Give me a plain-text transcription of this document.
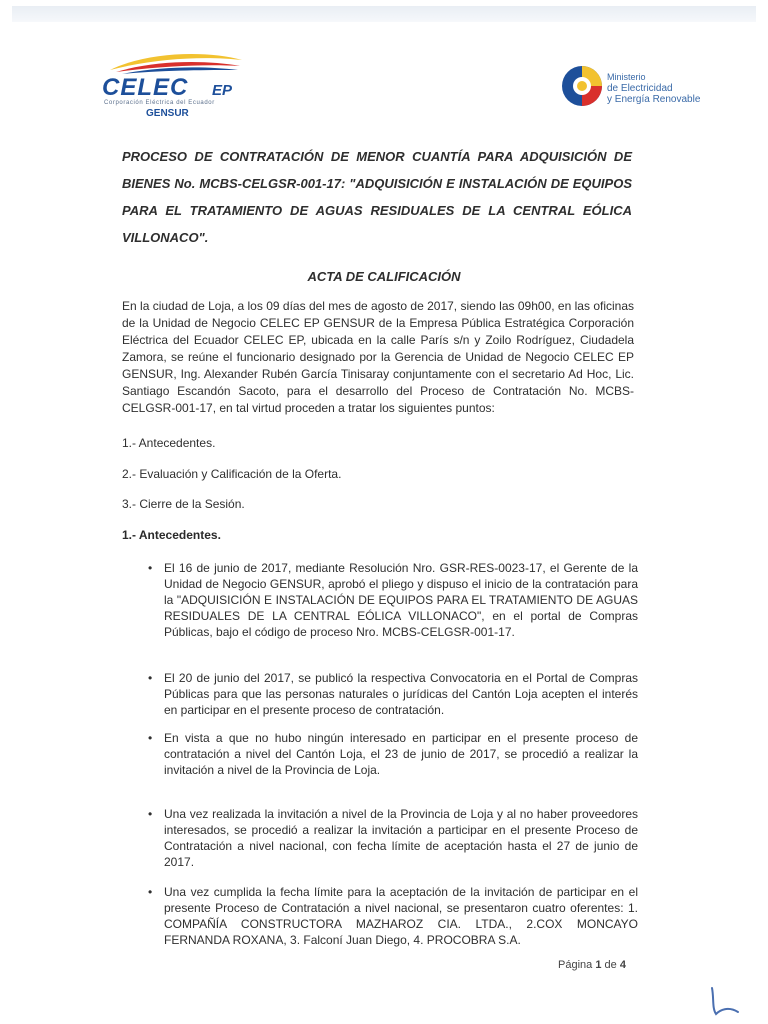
CELEC EP
Corporación Eléctrica del Ecuador
GENSUR
Ministerio
de Electricidad
y Energía Renovable
PROCESO DE CONTRATACIÓN DE MENOR CUANTÍA PARA ADQUISICIÓN DE BIENES No. MCBS-CELGSR-001-17: "ADQUISICIÓN E INSTALACIÓN DE EQUIPOS PARA EL TRATAMIENTO DE AGUAS RESIDUALES DE LA CENTRAL EÓLICA VILLONACO".
ACTA DE CALIFICACIÓN
En la ciudad de Loja, a los 09 días del mes de agosto de 2017, siendo las 09h00, en las oficinas de la Unidad de Negocio CELEC EP GENSUR de la Empresa Pública Estratégica Corporación Eléctrica del Ecuador CELEC EP, ubicada en la calle París s/n y Zoilo Rodríguez, Ciudadela Zamora, se reúne el funcionario designado por la Gerencia de Unidad de Negocio CELEC EP GENSUR, Ing. Alexander Rubén García Tinisaray conjuntamente con el secretario Ad Hoc, Lic. Santiago Escandón Sacoto, para el desarrollo del Proceso de Contratación No. MCBS-CELGSR-001-17, en tal virtud proceden a tratar los siguientes puntos:
1.- Antecedentes.
2.- Evaluación y Calificación de la Oferta.
3.- Cierre de la Sesión.
1.- Antecedentes.
• El 16 de junio de 2017, mediante Resolución Nro. GSR-RES-0023-17, el Gerente de la Unidad de Negocio GENSUR, aprobó el pliego y dispuso el inicio de la contratación para la "ADQUISICIÓN E INSTALACIÓN DE EQUIPOS PARA EL TRATAMIENTO DE AGUAS RESIDUALES DE LA CENTRAL EÓLICA VILLONACO", en el portal de Compras Públicas, bajo el código de proceso Nro. MCBS-CELGSR-001-17.
• El 20 de junio del 2017, se publicó la respectiva Convocatoria en el Portal de Compras Públicas para que las personas naturales o jurídicas del Cantón Loja acepten el interés en participar en el presente proceso de contratación.
• En vista a que no hubo ningún interesado en participar en el presente proceso de contratación a nivel del Cantón Loja, el 23 de junio de 2017, se procedió a realizar la invitación a nivel de la Provincia de Loja.
• Una vez realizada la invitación a nivel de la Provincia de Loja y al no haber proveedores interesados, se procedió a realizar la invitación a participar en el presente Proceso de Contratación a nivel nacional, con fecha límite de aceptación hasta el 27 de junio de 2017.
• Una vez cumplida la fecha límite para la aceptación de la invitación de participar en el presente Proceso de Contratación a nivel nacional, se presentaron cuatro oferentes: 1. COMPAÑÍA CONSTRUCTORA MAZHAROZ CIA. LTDA., 2.COX MONCAYO FERNANDA ROXANA, 3. Falconí Juan Diego, 4. PROCOBRA S.A.
Página 1 de 4
